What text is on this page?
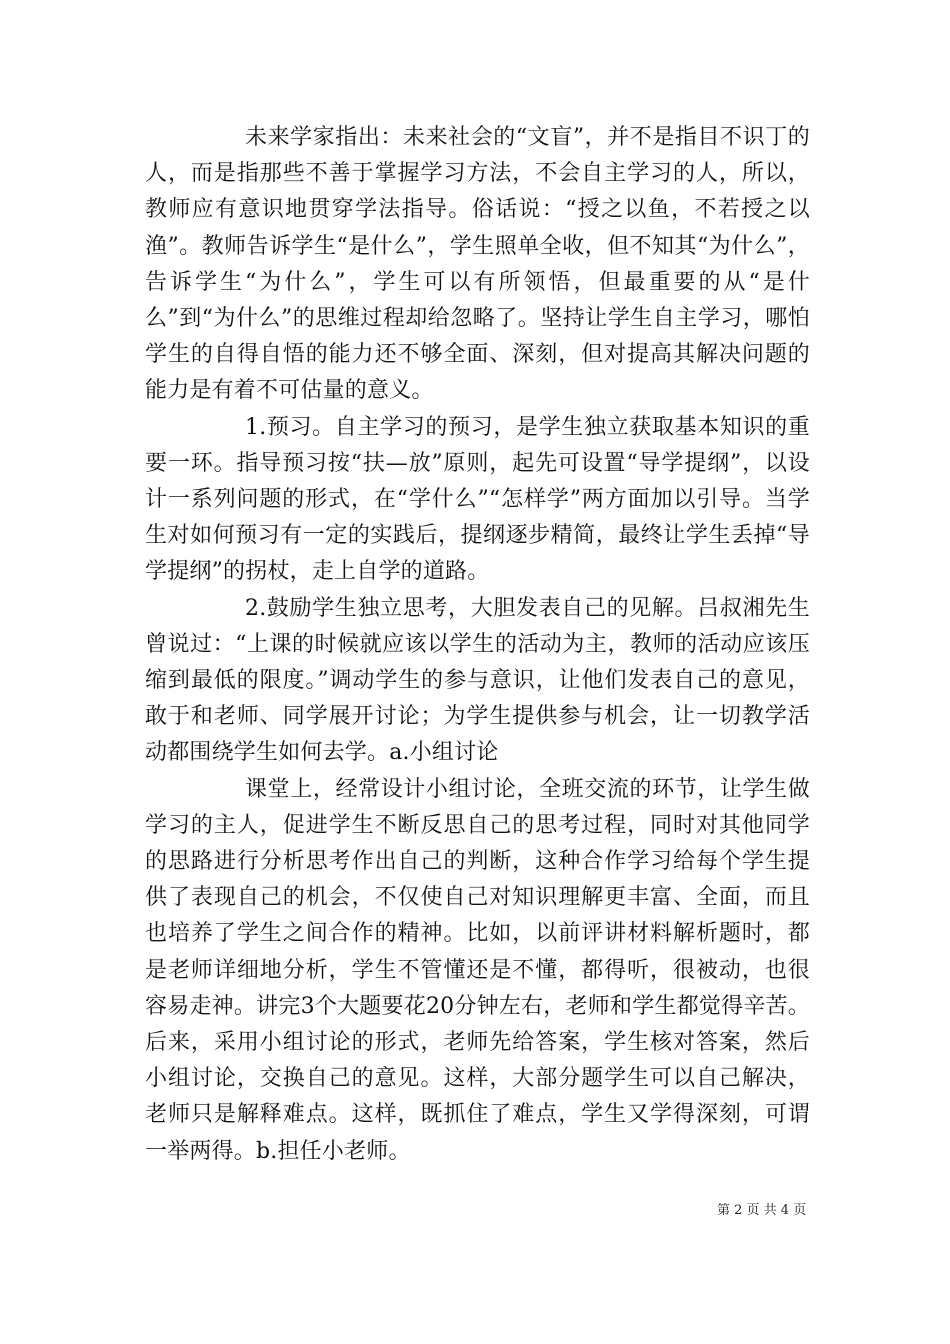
未来学家指出：未来社会的“文盲”，并不是指目不识丁的人，而是指那些不善于掌握学习方法，不会自主学习的人，所以，教师应有意识地贯穿学法指导。俗话说：“授之以鱼，不若授之以渔”。教师告诉学生“是什么”，学生照单全收，但不知其“为什么”，告诉学生“为什么”，学生可以有所领悟，但最重要的从“是什么”到“为什么”的思维过程却给忽略了。坚持让学生自主学习，哪怕学生的自得自悟的能力还不够全面、深刻，但对提高其解决问题的能力是有着不可估量的意义。

1.预习。自主学习的预习，是学生独立获取基本知识的重要一环。指导预习按“扶—放”原则，起先可设置“导学提纲”，以设计一系列问题的形式，在“学什么”“怎样学”两方面加以引导。当学生对如何预习有一定的实践后，提纲逐步精简，最终让学生丢掉“导学提纲”的拐杖，走上自学的道路。

2.鼓励学生独立思考，大胆发表自己的见解。吕叔湘先生曾说过：“上课的时候就应该以学生的活动为主，教师的活动应该压缩到最低的限度。”调动学生的参与意识，让他们发表自己的意见，敢于和老师、同学展开讨论；为学生提供参与机会，让一切教学活动都围绕学生如何去学。a.小组讨论

课堂上，经常设计小组讨论，全班交流的环节，让学生做学习的主人，促进学生不断反思自己的思考过程，同时对其他同学的思路进行分析思考作出自己的判断，这种合作学习给每个学生提供了表现自己的机会，不仅使自己对知识理解更丰富、全面，而且也培养了学生之间合作的精神。比如，以前评讲材料解析题时，都是老师详细地分析，学生不管懂还是不懂，都得听，很被动，也很容易走神。讲完3个大题要花20分钟左右，老师和学生都觉得辛苦。后来，采用小组讨论的形式，老师先给答案，学生核对答案，然后小组讨论，交换自己的意见。这样，大部分题学生可以自己解决，老师只是解释难点。这样，既抓住了难点，学生又学得深刻，可谓一举两得。b.担任小老师。

第 2 页 共 4 页
